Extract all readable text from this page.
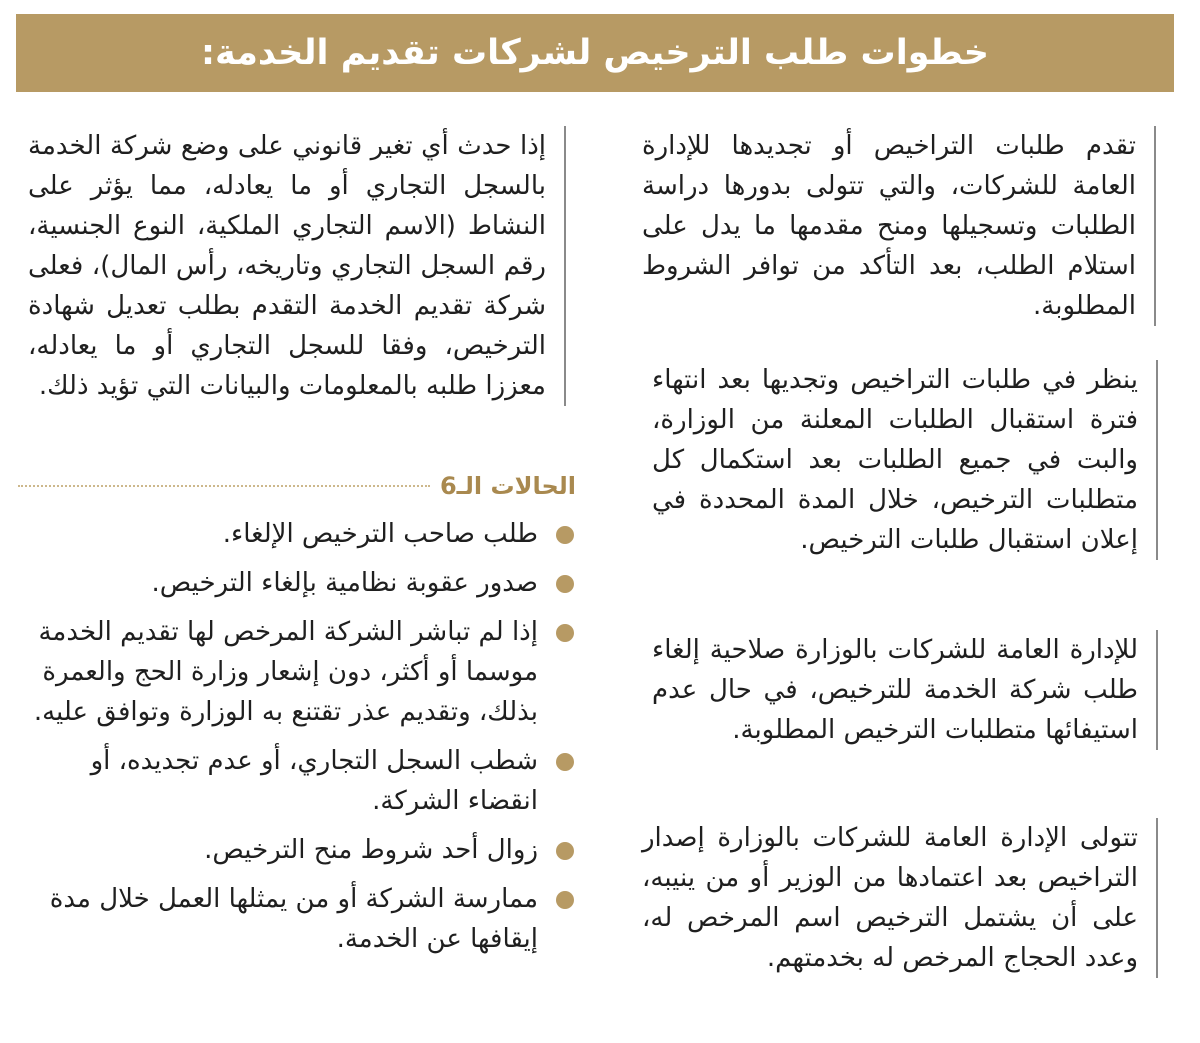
خطوات طلب الترخيص لشركات تقديم الخدمة:

تقدم طلبات التراخيص أو تجديدها للإدارة العامة للشركات، والتي تتولى بدورها دراسة الطلبات وتسجيلها ومنح مقدمها ما يدل على استلام الطلب، بعد التأكد من توافر الشروط المطلوبة.

ينظر في طلبات التراخيص وتجديها بعد انتهاء فترة استقبال الطلبات المعلنة من الوزارة، والبت في جميع الطلبات بعد استكمال كل متطلبات الترخيص، خلال المدة المحددة في إعلان استقبال طلبات الترخيص.

للإدارة العامة للشركات بالوزارة صلاحية إلغاء طلب شركة الخدمة للترخيص، في حال عدم استيفائها متطلبات الترخيص المطلوبة.

تتولى الإدارة العامة للشركات بالوزارة إصدار التراخيص بعد اعتمادها من الوزير أو من ينيبه، على أن يشتمل الترخيص اسم المرخص له، وعدد الحجاج المرخص له بخدمتهم.

إذا حدث أي تغير قانوني على وضع شركة الخدمة بالسجل التجاري أو ما يعادله، مما يؤثر على النشاط (الاسم التجاري الملكية، النوع الجنسية، رقم السجل التجاري وتاريخه، رأس المال)، فعلى شركة تقديم الخدمة التقدم بطلب تعديل شهادة الترخيص، وفقا للسجل التجاري أو ما يعادله، معززا طلبه بالمعلومات والبيانات التي تؤيد ذلك.

الحالات الـ6
طلب صاحب الترخيص الإلغاء.
صدور عقوبة نظامية بإلغاء الترخيص.
إذا لم تباشر الشركة المرخص لها تقديم الخدمة موسما أو أكثر، دون إشعار وزارة الحج والعمرة بذلك، وتقديم عذر تقتنع به الوزارة وتوافق عليه.
شطب السجل التجاري، أو عدم تجديده، أو انقضاء الشركة.
زوال أحد شروط منح الترخيص.
ممارسة الشركة أو من يمثلها العمل خلال مدة إيقافها عن الخدمة.
